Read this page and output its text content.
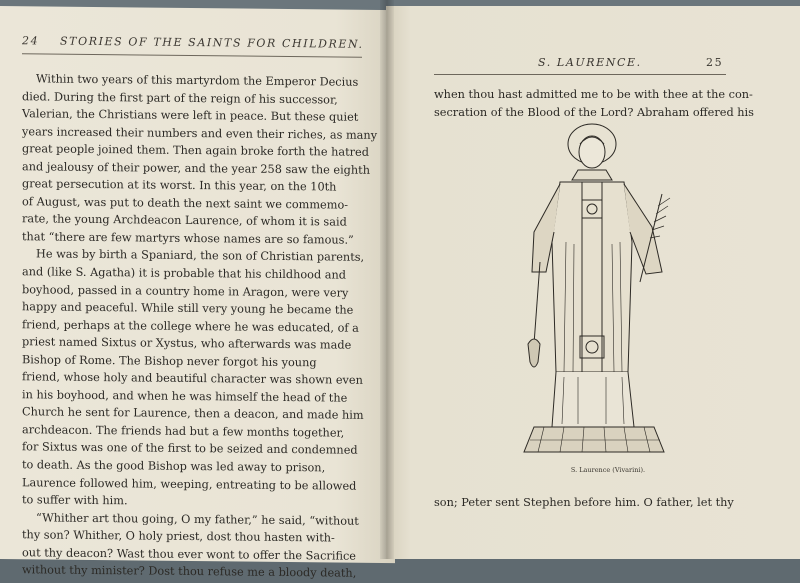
24 STORIES OF THE SAINTS FOR CHILDREN.
Within two years of this martyrdom the Emperor Decius
died. During the first part of the reign of his successor,
Valerian, the Christians were left in peace. But these quiet
years increased their numbers and even their riches, as many
great people joined them. Then again broke forth the hatred
and jealousy of their power, and the year 258 saw the eighth
great persecution at its worst. In this year, on the 10th
of August, was put to death the next saint we commemo-
rate, the young Archdeacon Laurence, of whom it is said
that “there are few martyrs whose names are so famous.”
He was by birth a Spaniard, the son of Christian parents,
and (like S. Agatha) it is probable that his childhood and
boyhood, passed in a country home in Aragon, were very
happy and peaceful. While still very young he became the
friend, perhaps at the college where he was educated, of a
priest named Sixtus or Xystus, who afterwards was made
Bishop of Rome. The Bishop never forgot his young
friend, whose holy and beautiful character was shown even
in his boyhood, and when he was himself the head of the
Church he sent for Laurence, then a deacon, and made him
archdeacon. The friends had but a few months together,
for Sixtus was one of the first to be seized and condemned
to death. As the good Bishop was led away to prison,
Laurence followed him, weeping, entreating to be allowed
to suffer with him.
“Whither art thou going, O my father,” he said, “without
thy son? Whither, O holy priest, dost thou hasten with-
out thy deacon? Wast thou ever wont to offer the Sacrifice
without thy minister? Dost thou refuse me a bloody death,
S. LAURENCE.	25
when thou hast admitted me to be with thee at the con-
secration of the Blood of the Lord? Abraham offered his
S. Laurence (Vivarini).
son; Peter sent Stephen before him. O father, let thy
